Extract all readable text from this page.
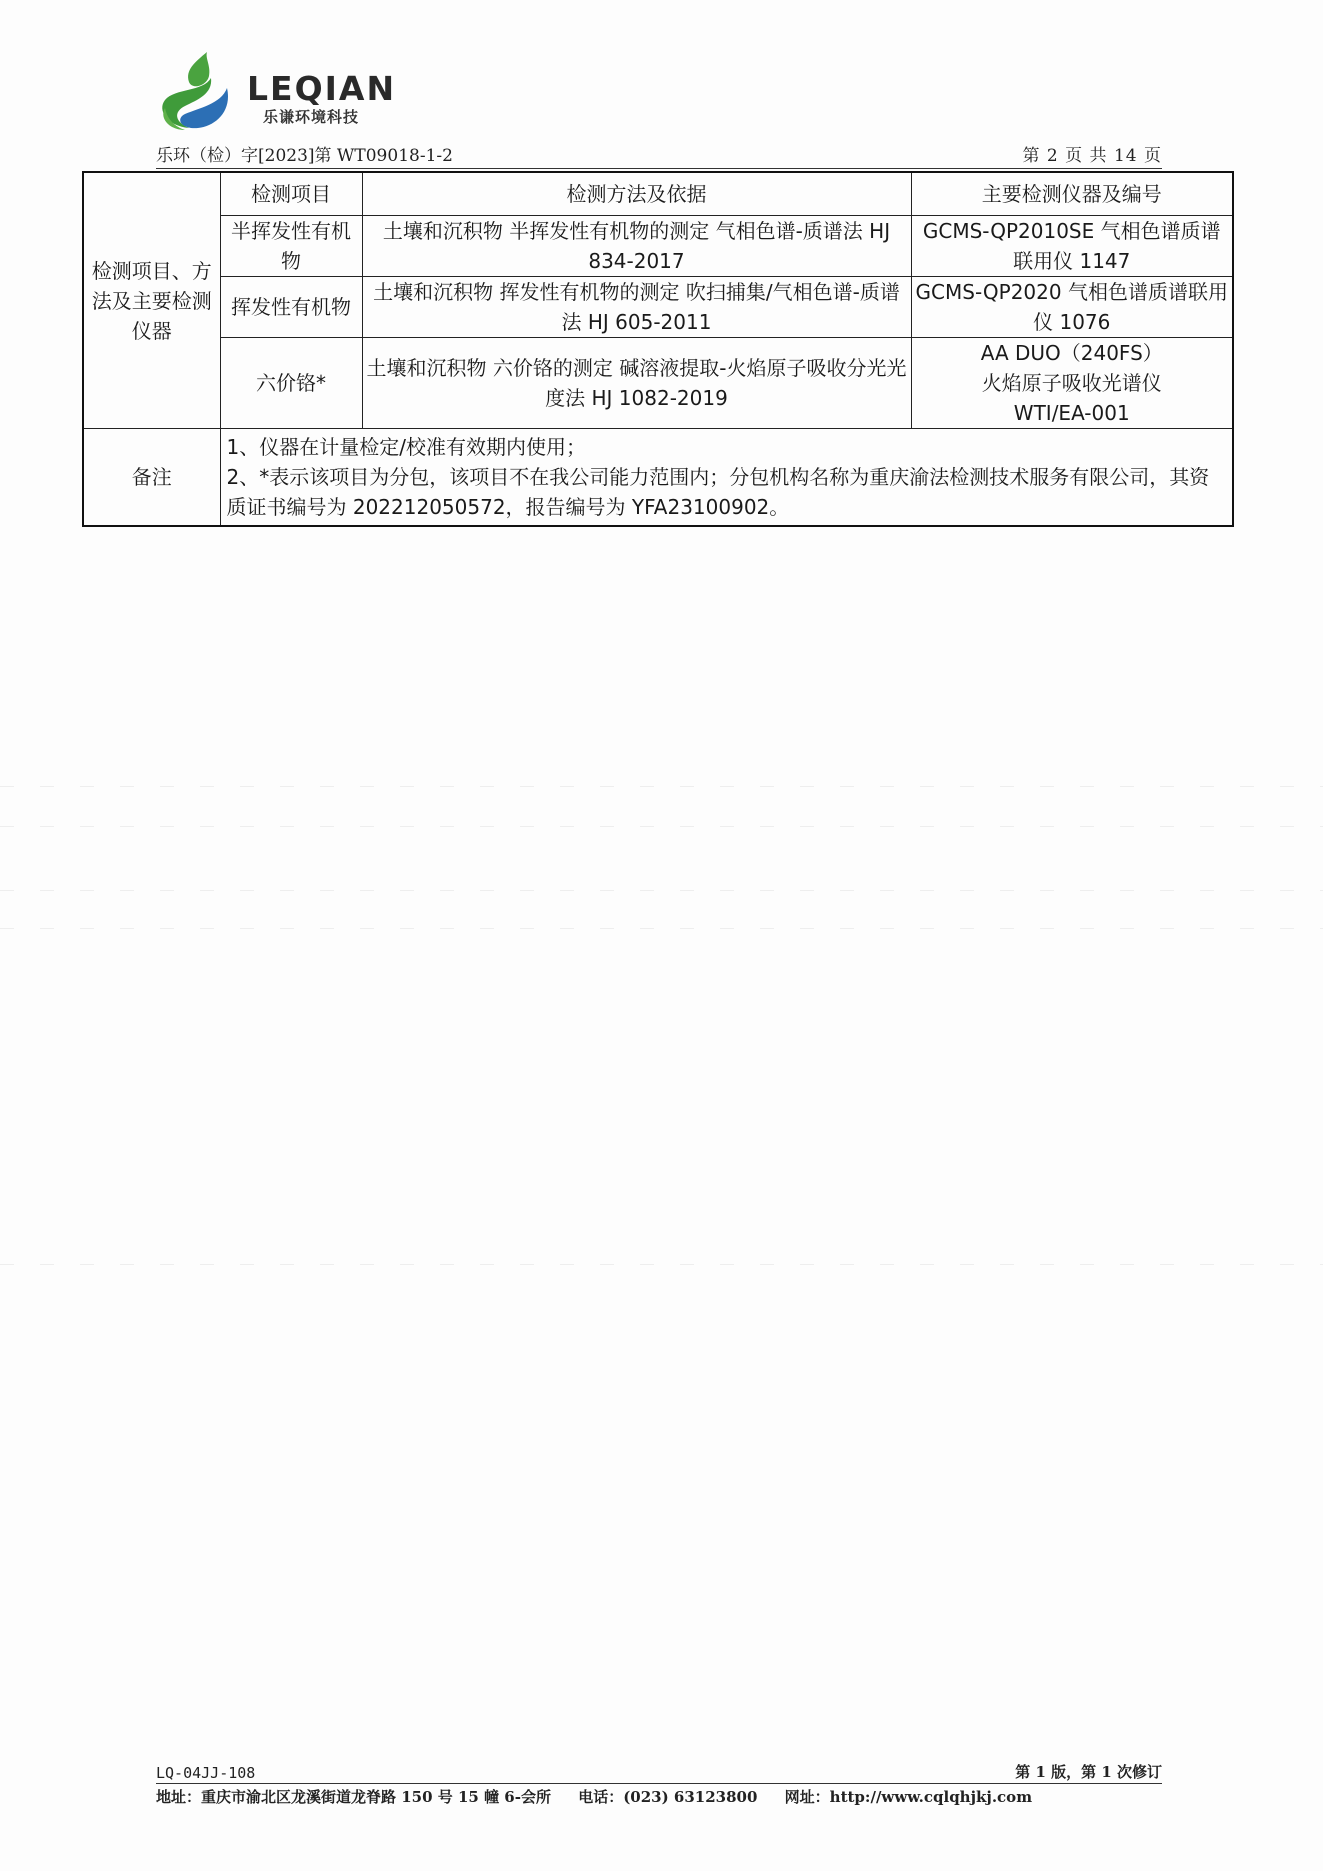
LEQIAN
乐谦环境科技
乐环（检）字[2023]第 WT09018-1-2	第 2 页 共 14 页
检测项目、方法及主要检测仪器	检测项目	检测方法及依据	主要检测仪器及编号
	半挥发性有机物	土壤和沉积物 半挥发性有机物的测定 气相色谱-质谱法 HJ 834-2017	GCMS-QP2010SE 气相色谱质谱联用仪 1147
	挥发性有机物	土壤和沉积物 挥发性有机物的测定 吹扫捕集/气相色谱-质谱法 HJ 605-2011	GCMS-QP2020 气相色谱质谱联用仪 1076
	六价铬*	土壤和沉积物 六价铬的测定 碱溶液提取-火焰原子吸收分光光度法 HJ 1082-2019	AA DUO（240FS）
火焰原子吸收光谱仪
WTI/EA-001

备注	1、仪器在计量检定/校准有效期内使用；
2、*表示该项目为分包，该项目不在我公司能力范围内；分包机构名称为重庆渝法检测技术服务有限公司，其资质证书编号为 202212050572，报告编号为 YFA23100902。		
LQ-04JJ-108	第 1 版，第 1 次修订
地址：重庆市渝北区龙溪街道龙脊路 150 号 15 幢 6-会所 电话：(023) 63123800 网址：http://www.cqlqhjkj.com
